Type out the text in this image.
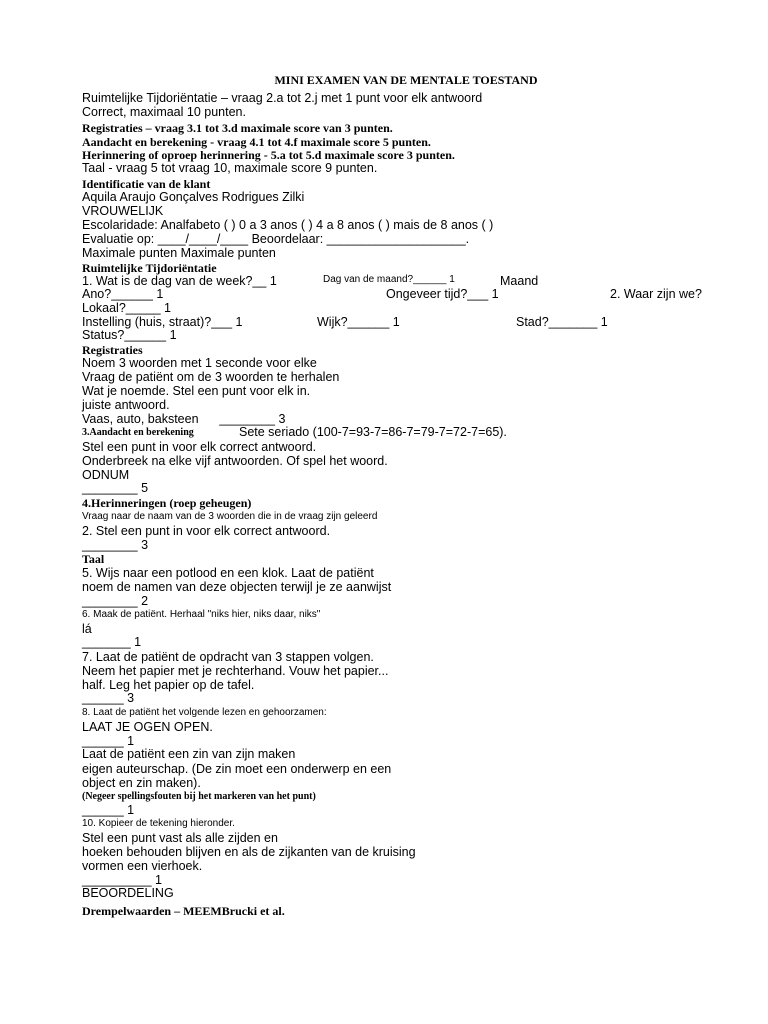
MINI EXAMEN VAN DE MENTALE TOESTAND
Ruimtelijke Tijdoriëntatie – vraag 2.a tot 2.j met 1 punt voor elk antwoord
Correct, maximaal 10 punten.
Registraties – vraag 3.1 tot 3.d maximale score van 3 punten.
Aandacht en berekening - vraag 4.1 tot 4.f maximale score 5 punten.
Herinnering of oproep herinnering - 5.a tot 5.d maximale score 3 punten.
Taal - vraag 5 tot vraag 10, maximale score 9 punten.
Identificatie van de klant
Aquila Araujo Gonçalves Rodrigues Zilki
VROUWELIJK
Escolaridade: Analfabeto ( ) 0 a 3 anos ( ) 4 a 8 anos ( ) mais de 8 anos ( )
Evaluatie op: ____/____/____ Beoordelaar: ____________________.
Maximale punten Maximale punten
Ruimtelijke Tijdoriëntatie
1. Wat is de dag van de week?__ 1	Dag van de maand?______ 1	Maand
Ano?______ 1	Ongeveer tijd?___ 1	2. Waar zijn we?
Lokaal?_____ 1
Instelling (huis, straat)?___ 1	Wijk?______ 1	Stad?_______ 1
Status?______ 1
Registraties
Noem 3 woorden met 1 seconde voor elke
Vraag de patiënt om de 3 woorden te herhalen
Wat je noemde. Stel een punt voor elk in.
juiste antwoord.
Vaas, auto, baksteen      ________ 3
3.Aandacht en berekening	Sete seriado (100-7=93-7=86-7=79-7=72-7=65).
Stel een punt in voor elk correct antwoord.
Onderbreek na elke vijf antwoorden. Of spel het woord.
ODNUM
________ 5
4.Herinneringen (roep geheugen)
Vraag naar de naam van de 3 woorden die in de vraag zijn geleerd
2. Stel een punt in voor elk correct antwoord.
________ 3
Taal
5. Wijs naar een potlood en een klok. Laat de patiënt
noem de namen van deze objecten terwijl je ze aanwijst
________ 2
6. Maak de patiënt. Herhaal "niks hier, niks daar, niks"
lá
_______ 1
7. Laat de patiënt de opdracht van 3 stappen volgen.
Neem het papier met je rechterhand. Vouw het papier...
half. Leg het papier op de tafel.
______ 3
8. Laat de patiënt het volgende lezen en gehoorzamen:
LAAT JE OGEN OPEN.
______ 1
Laat de patiënt een zin van zijn maken
eigen auteurschap. (De zin moet een onderwerp en een
object en zin maken).
(Negeer spellingsfouten bij het markeren van het punt)
______ 1
10. Kopieer de tekening hieronder.
Stel een punt vast als alle zijden en
hoeken behouden blijven en als de zijkanten van de kruising
vormen een vierhoek.
__________ 1
BEOORDELING
Drempelwaarden – MEEMBrucki et al.
